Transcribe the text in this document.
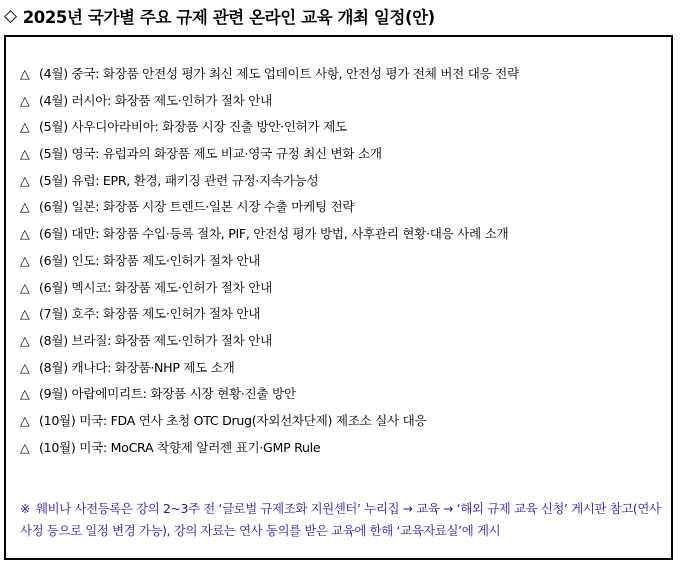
◇ 2025년 국가별 주요 규제 관련 온라인 교육 개최 일정(안)
△ (4월) 중국: 화장품 안전성 평가 최신 제도 업데이트 사항, 안전성 평가 전체 버전 대응 전략
△ (4월) 러시아: 화장품 제도·인허가 절차 안내
△ (5월) 사우디아라비아: 화장품 시장 진출 방안·인허가 제도
△ (5월) 영국: 유럽과의 화장품 제도 비교·영국 규정 최신 변화 소개
△ (5월) 유럽: EPR, 환경, 패키징 관련 규정·지속가능성
△ (6월) 일본: 화장품 시장 트렌드·일본 시장 수출 마케팅 전략
△ (6월) 대만: 화장품 수입·등록 절차, PIF, 안전성 평가 방법, 사후관리 현황·대응 사례 소개
△ (6월) 인도: 화장품 제도·인허가 절차 안내
△ (6월) 멕시코: 화장품 제도·인허가 절차 안내
△ (7월) 호주: 화장품 제도·인허가 절차 안내
△ (8월) 브라질: 화장품 제도·인허가 절차 안내
△ (8월) 캐나다: 화장품·NHP 제도 소개
△ (9월) 아랍에미리트: 화장품 시장 현황·진출 방안
△ (10월) 미국: FDA 연사 초청 OTC Drug(자외선차단제) 제조소 실사 대응
△ (10월) 미국: MoCRA 착향제 알러젠 표기·GMP Rule
※ 웨비나 사전등록은 강의 2~3주 전 ‘글로벌 규제조화 지원센터’ 누리집 → 교육 → ‘해외 규제 교육 신청’ 게시판 참고(연사 사정 등으로 일정 변경 가능), 강의 자료는 연사 동의를 받은 교육에 한해 ‘교육자료실’에 게시
